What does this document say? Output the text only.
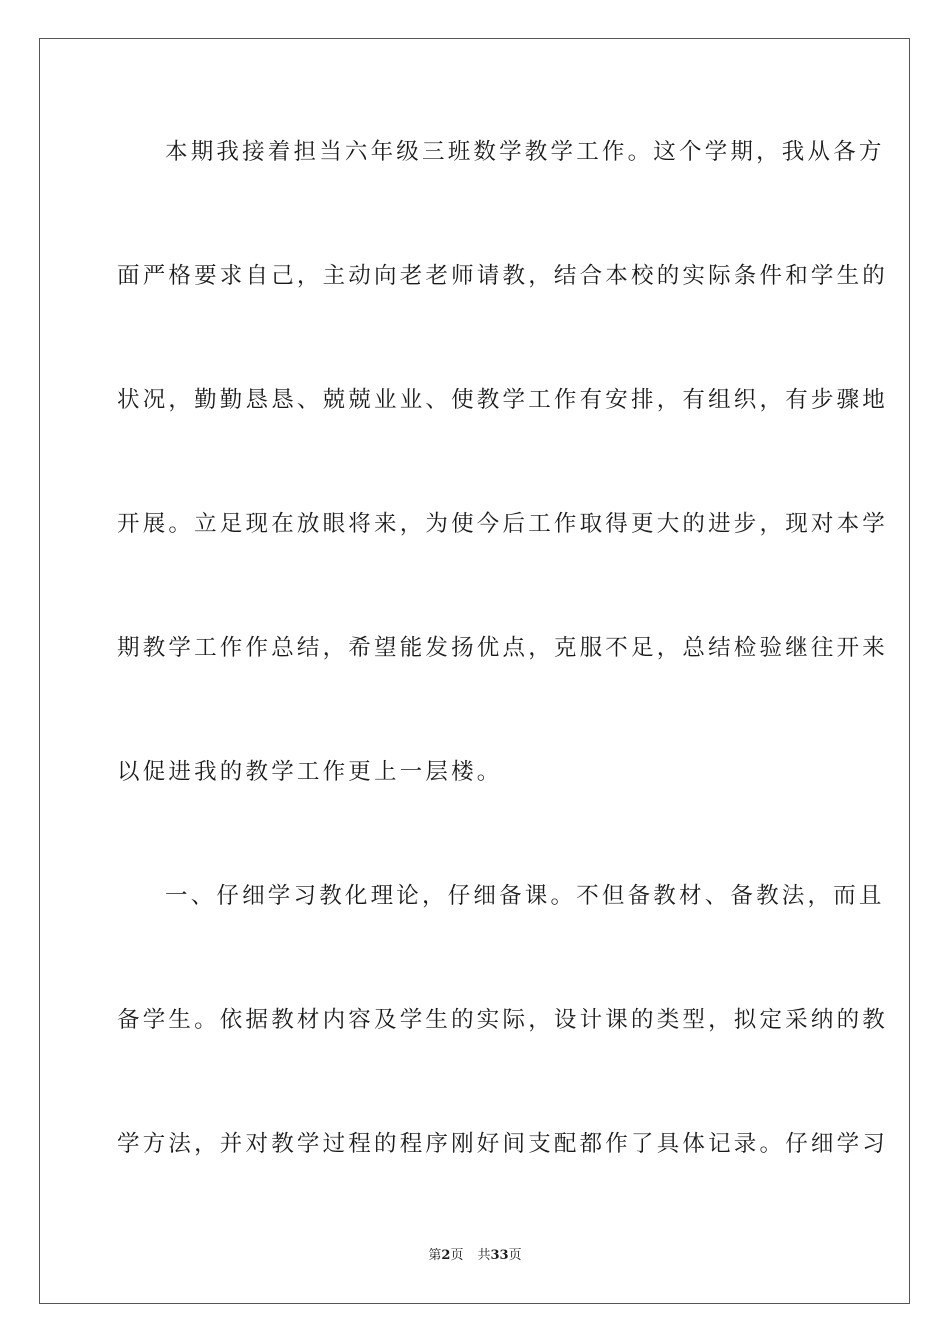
本期我接着担当六年级三班数学教学工作。这个学期，我从各方
面严格要求自己，主动向老老师请教，结合本校的实际条件和学生的
状况，勤勤恳恳、兢兢业业、使教学工作有安排，有组织，有步骤地
开展。立足现在放眼将来，为使今后工作取得更大的进步，现对本学
期教学工作作总结，希望能发扬优点，克服不足，总结检验继往开来
以促进我的教学工作更上一层楼。
一、仔细学习教化理论，仔细备课。不但备教材、备教法，而且
备学生。依据教材内容及学生的实际，设计课的类型，拟定采纳的教
学方法，并对教学过程的程序刚好间支配都作了具体记录。仔细学习
第2页 共33页
